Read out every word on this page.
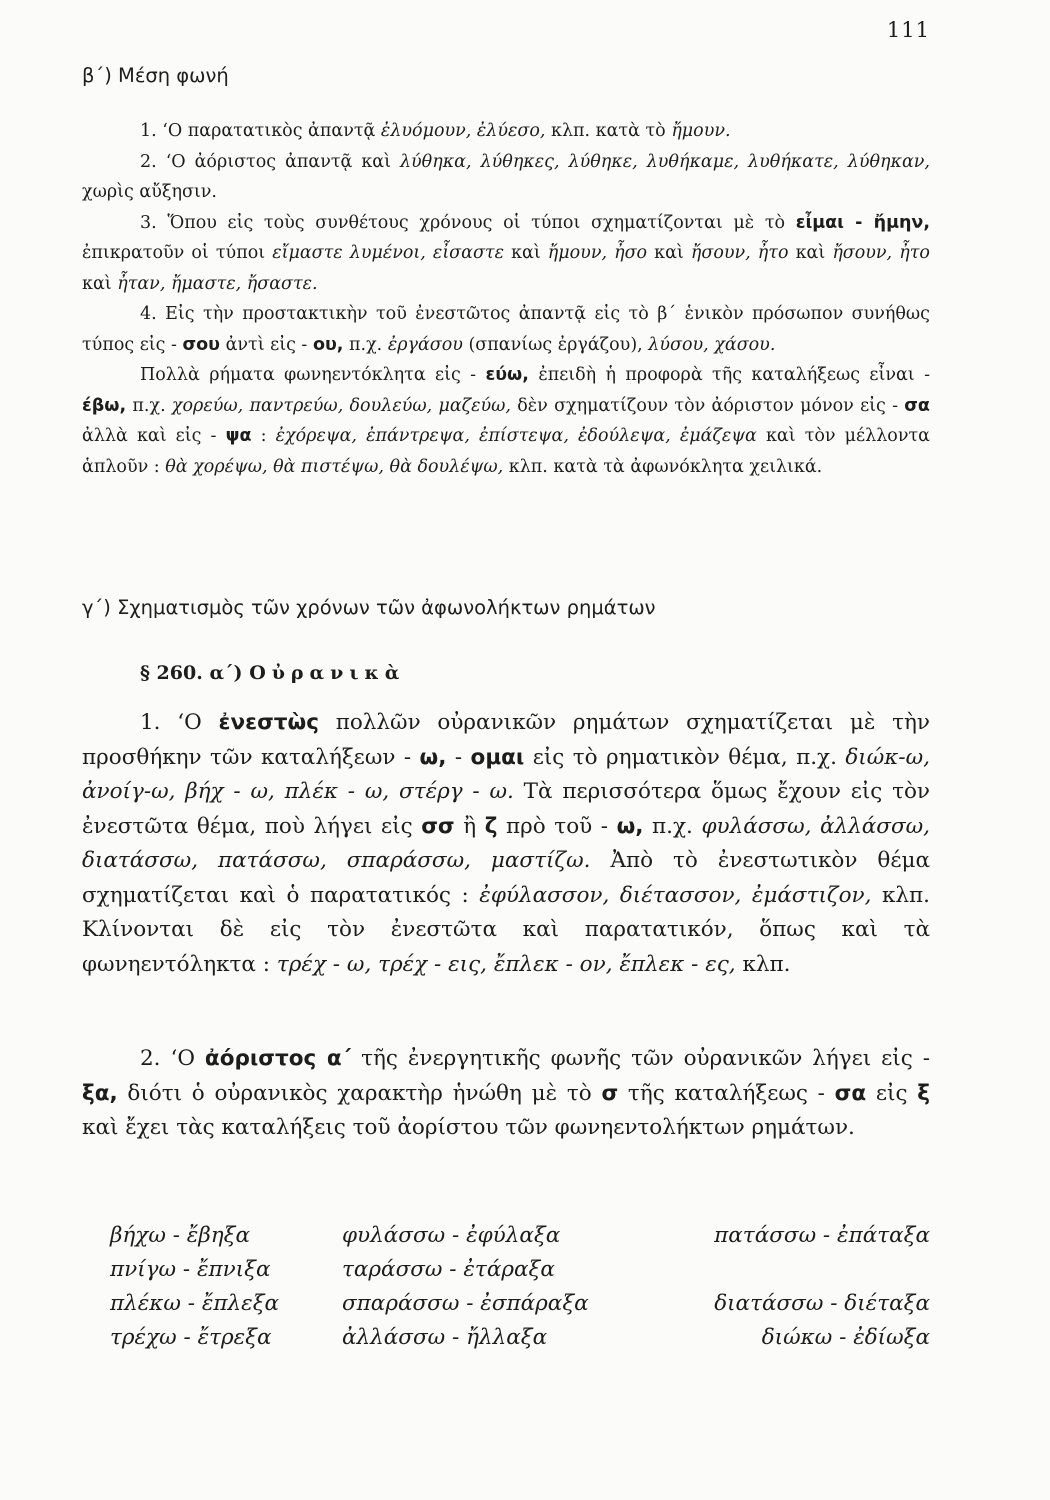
111
β΄) Μέση φωνή

1. ‘Ο παρατατικὸς ἀπαντᾷ ἐλυόμουν, ἐλύεσο, κλπ. κατὰ τὸ ἤμουν.

2. ‘Ο ἀόριστος ἀπαντᾷ καὶ λύθηκα, λύθηκες, λύθηκε, λυθήκαμε, λυθήκατε, λύθηκαν, χωρὶς αὔξησιν.

3. Ὅπου εἰς τοὺς συνθέτους χρόνους οἱ τύποι σχηματίζονται μὲ τὸ εἶμαι - ἤμην, ἐπικρατοῦν οἱ τύποι εἴμαστε λυμένοι, εἶσαστε καὶ ἤμουν, ἦσο καὶ ἤσουν, ἦτο καὶ ἤσουν, ἦτο καὶ ἦταν, ἤμαστε, ἤσαστε.

4. Εἰς τὴν προστακτικὴν τοῦ ἐνεστῶτος ἀπαντᾷ εἰς τὸ β΄ ἑνικὸν πρόσωπον συνήθως τύπος εἰς - σου ἀντὶ εἰς - ου, π.χ. ἐργάσου (σπανίως ἐργάζου), λύσου, χάσου.

Πολλὰ ρήματα φωνηεντόκλητα εἰς - εύω, ἐπειδὴ ἡ προφορὰ τῆς καταλήξεως εἶναι - έβω, π.χ. χορεύω, παντρεύω, δουλεύω, μαζεύω, δὲν σχηματίζουν τὸν ἀόριστον μόνον εἰς - σα ἀλλὰ καὶ εἰς - ψα : ἐχόρεψα, ἐπάντρεψα, ἐπίστεψα, ἐδούλεψα, ἐμάζεψα καὶ τὸν μέλλοντα ἁπλοῦν : θὰ χορέψω, θὰ πιστέψω, θὰ δουλέψω, κλπ. κατὰ τὰ ἀφωνόκλητα χειλικά.

γ΄) Σχηματισμὸς τῶν χρόνων τῶν ἀφωνολήκτων ρημάτων
§ 260. α΄) Οὐρανικὰ

1. ‘Ο ἐνεστὼς πολλῶν οὐρανικῶν ρημάτων σχηματίζεται μὲ τὴν προσθήκην τῶν καταλήξεων - ω, - ομαι εἰς τὸ ρηματικὸν θέμα, π.χ. διώκ-ω, ἀνοίγ-ω, βήχ - ω, πλέκ - ω, στέργ - ω. Τὰ περισσότερα ὅμως ἔχουν εἰς τὸν ἐνεστῶτα θέμα, ποὺ λήγει εἰς σσ ἢ ζ πρὸ τοῦ - ω, π.χ. φυλάσσω, ἀλλάσσω, διατάσσω, πατάσσω, σπαράσσω, μαστίζω. Ἀπὸ τὸ ἐνεστωτικὸν θέμα σχηματίζεται καὶ ὁ παρατατικός : ἐφύλασσον, διέτασσον, ἐμάστιζον, κλπ. Κλίνονται δὲ εἰς τὸν ἐνεστῶτα καὶ παρατατικόν, ὅπως καὶ τὰ φωνηεντόληκτα : τρέχ - ω, τρέχ - εις, ἔπλεκ - ον, ἔπλεκ - ες, κλπ.

2. ‘Ο ἀόριστος α΄ τῆς ἐνεργητικῆς φωνῆς τῶν οὐρανικῶν λήγει εἰς - ξα, διότι ὁ οὐρανικὸς χαρακτὴρ ἡνώθη μὲ τὸ σ τῆς καταλήξεως - σα εἰς ξ καὶ ἔχει τὰς καταλήξεις τοῦ ἀορίστου τῶν φωνηεντολήκτων ρημάτων.

βήχω - ἔβηξα	φυλάσσω - ἐφύλαξα	πατάσσω - ἐπάταξα
πνίγω - ἔπνιξα	ταράσσω - ἐτάραξα
πλέκω - ἔπλεξα	σπαράσσω - ἐσπάραξα	διατάσσω - διέταξα
τρέχω - ἔτρεξα	ἀλλάσσω - ἤλλαξα	διώκω - ἐδίωξα
